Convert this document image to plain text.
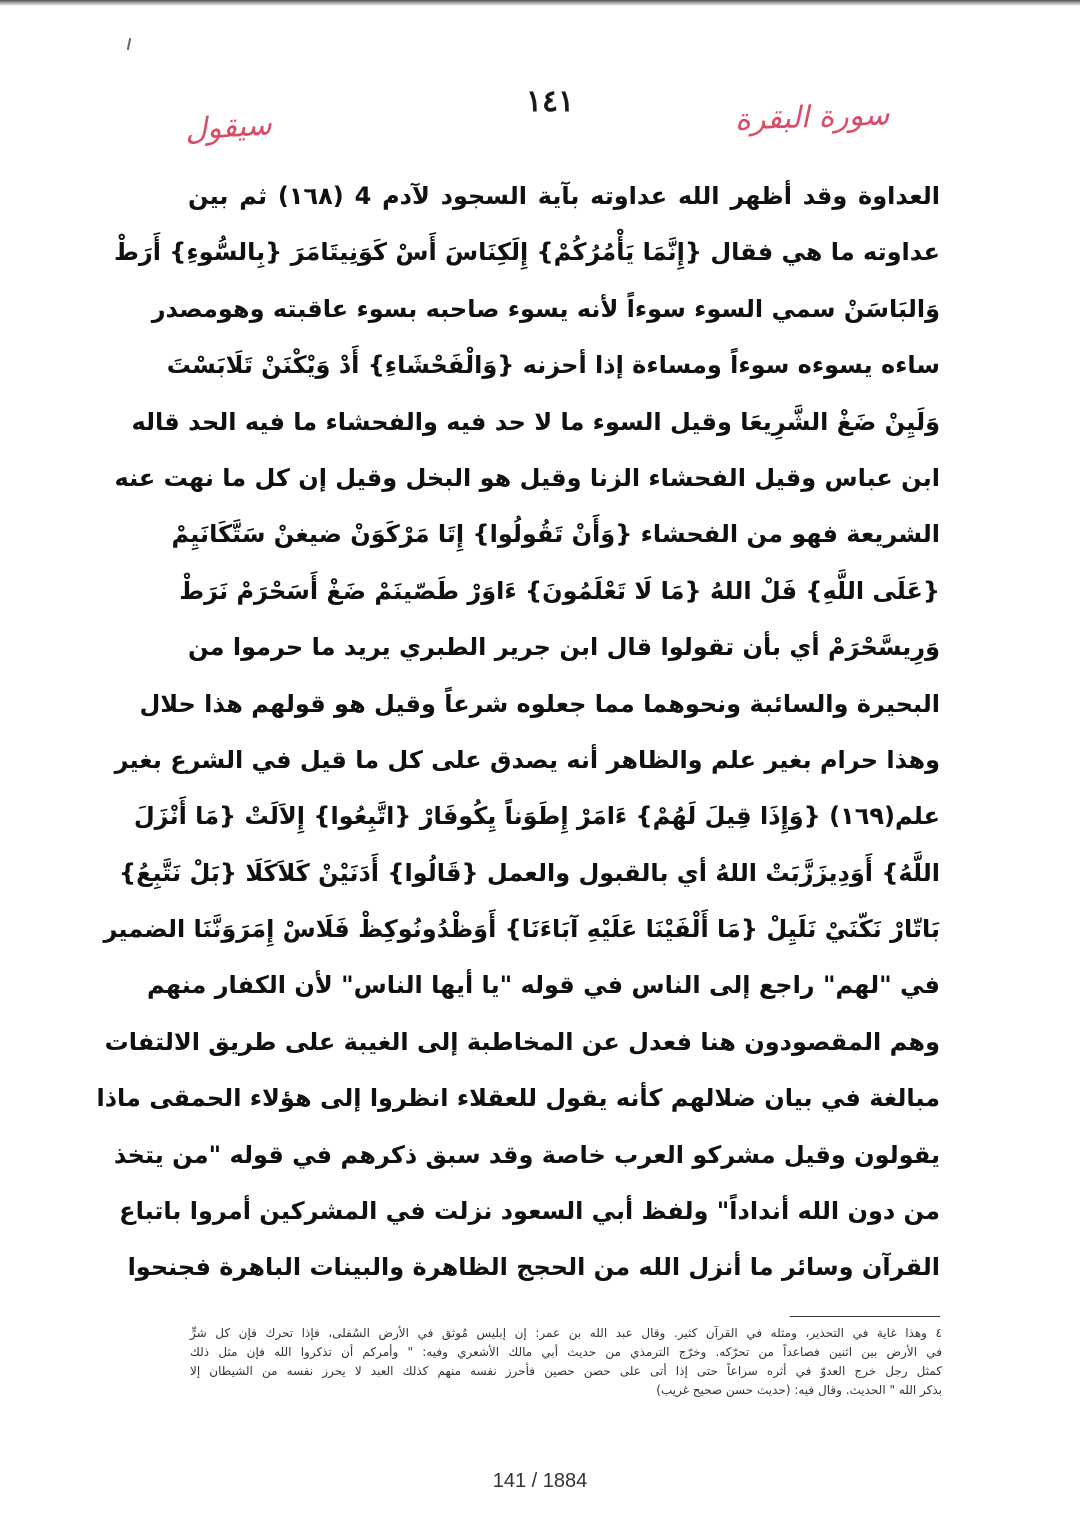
سيقول
١٤١	سورة البقرة
العداوة وقد أظهر الله عداوته بآية السجود لآدم 4 (١٦٨) ثم بين
عداوته ما هي فقال {إِنَّمَا يَأْمُرُكُمْ} إِلَكِنَاسَ أَسْ كَوَنِيتَامَرَ {بِالسُّوءِ} أَرَطْ
وَالبَاسَنْ سمي السوء سوءاً لأنه يسوء صاحبه بسوء عاقبته وهومصدر
ساءه يسوءه سوءاً ومساءة إذا أحزنه {وَالْفَحْشَاءِ} أَدْ وَيْكْنَنْ تَلَابَسْتَ
وَلَيِنْ ضَغْ الشَّرِيعَا وقيل السوء ما لا حد فيه والفحشاء ما فيه الحد قاله
ابن عباس وقيل الفحشاء الزنا وقيل هو البخل وقيل إن كل ما نهت عنه
الشريعة فهو من الفحشاء {وَأَنْ تَقُولُوا} إِتَا مَرْكَوَنْ ضيغنْ سَتَّكَانَيِمْ
{عَلَى اللَّهِ} فَلْ اللهُ {مَا لَا تَعْلَمُونَ} ءَاوَرْ طَصّينَمْ ضَغْ أَسَحْرَمْ نَرَطْ
وَرِيسَّحْرَمْ أي بأن تقولوا قال ابن جرير الطبري يريد ما حرموا من
البحيرة والسائبة ونحوهما مما جعلوه شرعاً وقيل هو قولهم هذا حلال
وهذا حرام بغير علم والظاهر أنه يصدق على كل ما قيل في الشرع بغير
علم(١٦٩) {وَإِذَا قِيلَ لَهُمْ} ءَامَرْ إِطَوَناً يِكُوفَارْ {اتَّبِعُوا} إِلاَلَتْ {مَا أَنْزَلَ
اللَّهُ} أَوَدِيزَزَّبَتْ اللهُ أي بالقبول والعمل {قَالُوا} أَدَنَيْنْ كَلاَكَلَا {بَلْ نَتَّبِعُ}
بَاتّارْ نَكّنَيْ نَلَيِلْ {مَا أَلْفَيْنَا عَلَيْهِ آبَاءَنَا} أَوَظْدُونُوكِظْ فَلَاسْ إِمَرَوَنَّنَا الضمير
في "لهم" راجع إلى الناس في قوله "يا أيها الناس" لأن الكفار منهم
وهم المقصودون هنا فعدل عن المخاطبة إلى الغيبة على طريق الالتفات
مبالغة في بيان ضلالهم كأنه يقول للعقلاء انظروا إلى هؤلاء الحمقى ماذا
يقولون وقيل مشركو العرب خاصة وقد سبق ذكرهم في قوله "من يتخذ
من دون الله أنداداً" ولفظ أبي السعود نزلت في المشركين أمروا باتباع
القرآن وسائر ما أنزل الله من الحجج الظاهرة والبينات الباهرة فجنحوا
٤ وهذا غاية في التحذير، ومثله في القرآن كثير. وقال عبد الله بن عمر: إن إبليس مُوثق في الأرض السُفلى، فإذا تحرك فإن كل شرٍّ
في الأرض بين اثنين فصاعداً من تحرّكه. وخرّج الترمذي من حديث أبي مالك الأشعري وفيه: " وأمركم أن تذكروا الله فإن مثل ذلك
كمثل رجل خرج العدوّ في أثره سراعاً حتى إذا أتى على حصن حصين فأحرز نفسه منهم كذلك العبد لا يحرز نفسه من الشيطان إلا
بذكر الله " الحديث. وقال فيه: (حديث حسن صحيح غريب)
141 / 1884
